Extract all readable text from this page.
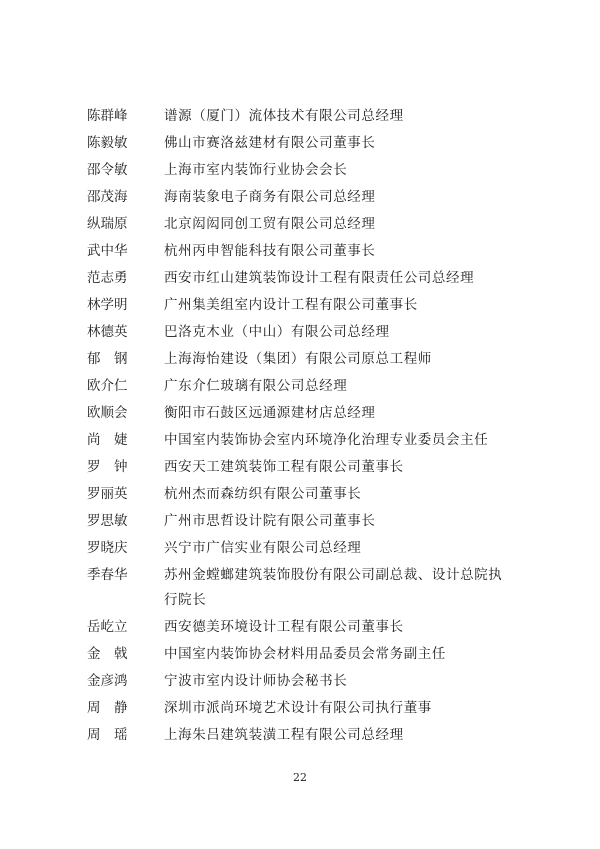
陈群峰	谱源（厦门）流体技术有限公司总经理
陈毅敏	佛山市赛洛兹建材有限公司董事长
邵令敏	上海市室内装饰行业协会会长
邵茂海	海南装象电子商务有限公司总经理
纵瑞原	北京闳闳同创工贸有限公司总经理
武中华	杭州丙申智能科技有限公司董事长
范志勇	西安市红山建筑装饰设计工程有限责任公司总经理
林学明	广州集美组室内设计工程有限公司董事长
林德英	巴洛克木业（中山）有限公司总经理
郁　钢	上海海怡建设（集团）有限公司原总工程师
欧介仁	广东介仁玻璃有限公司总经理
欧顺会	衡阳市石鼓区远通源建材店总经理
尚　婕	中国室内装饰协会室内环境净化治理专业委员会主任
罗　钟	西安天工建筑装饰工程有限公司董事长
罗丽英	杭州杰而森纺织有限公司董事长
罗思敏	广州市思哲设计院有限公司董事长
罗晓庆	兴宁市广信实业有限公司总经理
季春华	苏州金螳螂建筑装饰股份有限公司副总裁、设计总院执
行院长
岳屹立	西安德美环境设计工程有限公司董事长
金　戟	中国室内装饰协会材料用品委员会常务副主任
金彦鸿	宁波市室内设计师协会秘书长
周　静	深圳市派尚环境艺术设计有限公司执行董事
周　瑶	上海朱吕建筑装潢工程有限公司总经理
22
